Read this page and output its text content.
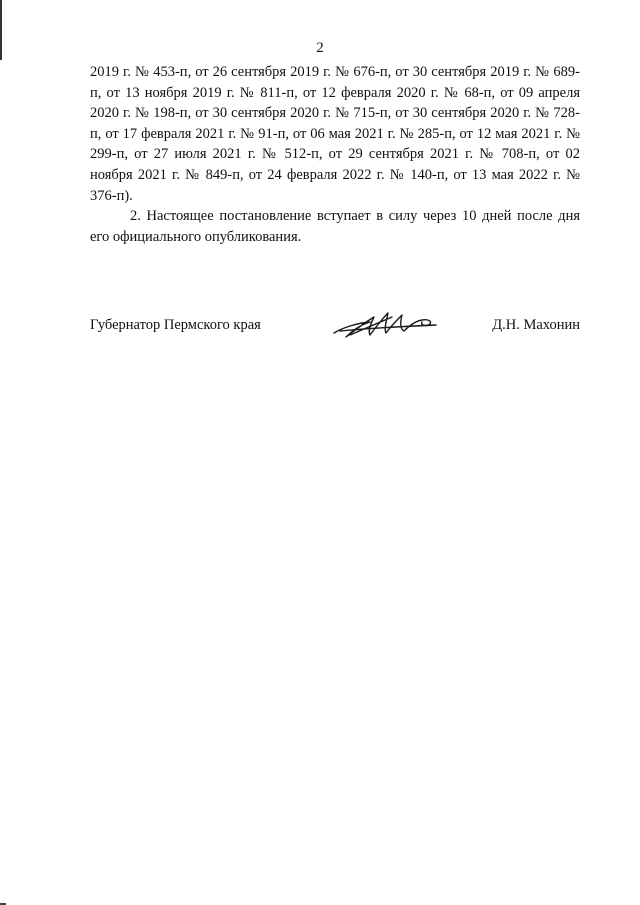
2

2019 г. № 453-п, от 26 сентября 2019 г. № 676-п, от 30 сентября 2019 г. № 689-п, от 13 ноября 2019 г. № 811-п, от 12 февраля 2020 г. № 68-п, от 09 апреля 2020 г. № 198-п, от 30 сентября 2020 г. № 715-п, от 30 сентября 2020 г. № 728-п, от 17 февраля 2021 г. № 91-п, от 06 мая 2021 г. № 285-п, от 12 мая 2021 г. № 299-п, от 27 июля 2021 г. № 512-п, от 29 сентября 2021 г. № 708-п, от 02 ноября 2021 г. № 849-п, от 24 февраля 2022 г. № 140-п, от 13 мая 2022 г. № 376-п).

2. Настоящее постановление вступает в силу через 10 дней после дня его официального опубликования.

Губернатор Пермского края	Д.Н. Махонин
